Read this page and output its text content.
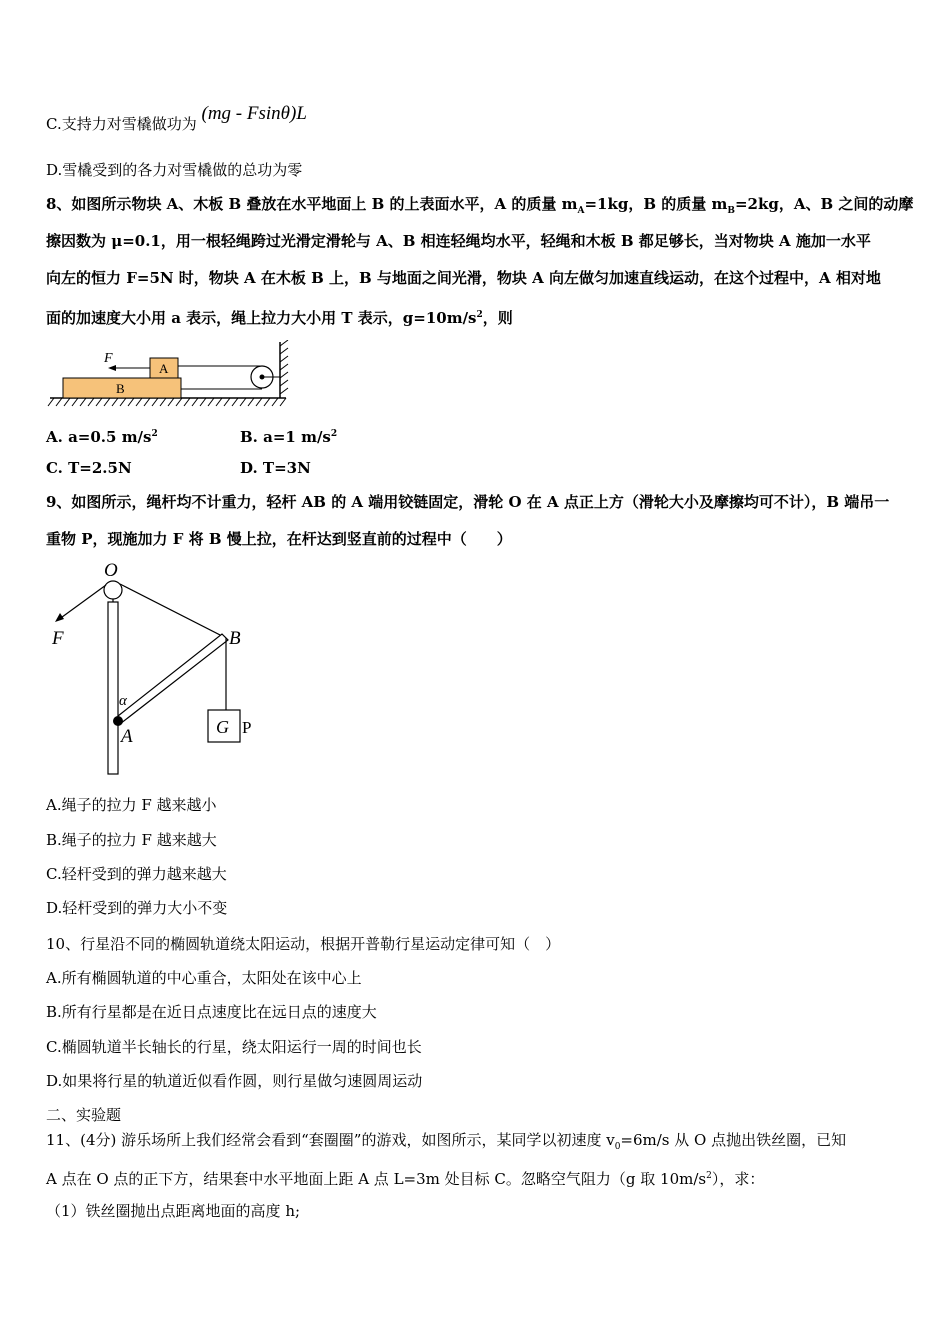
C.支持力对雪橇做功为 (mg - Fsinθ)L
D.雪橇受到的各力对雪橇做的总功为零
8、如图所示物块 A、木板 B 叠放在水平地面上 B 的上表面水平，A 的质量 $m_A=1kg$，B 的质量 $m_B=2kg$，A、B 之间的动摩
擦因数为 μ=0.1，用一根轻绳跨过光滑定滑轮与 A、B 相连轻绳均水平，轻绳和木板 B 都足够长，当对物块 A 施加一水平
向左的恒力 F=5N 时，物块 A 在木板 B 上，B 与地面之间光滑，物块 A 向左做匀加速直线运动，在这个过程中，A 相对地
面的加速度大小用 a 表示，绳上拉力大小用 T 表示，$g=10m/s^2$，则
B
A
F
A. a=0.5 $m/s^2$	B. a=1 $m/s^2$
C. T=2.5N	D. T=3N
9、如图所示，绳杆均不计重力，轻杆 AB 的 A 端用铰链固定，滑轮 O 在 A 点正上方（滑轮大小及摩擦均可不计），B 端吊一
重物 P，现施加力 F 将 B 慢上拉，在杆达到竖直前的过程中（　　）
O
F
α
A
B
G P
A.绳子的拉力 F 越来越小
B.绳子的拉力 F 越来越大
C.轻杆受到的弹力越来越大
D.轻杆受到的弹力大小不变
10、行星沿不同的椭圆轨道绕太阳运动，根据开普勒行星运动定律可知（　）
A.所有椭圆轨道的中心重合，太阳处在该中心上
B.所有行星都是在近日点速度比在远日点的速度大
C.椭圆轨道半长轴长的行星，绕太阳运行一周的时间也长
D.如果将行星的轨道近似看作圆，则行星做匀速圆周运动
二、实验题
11、(4分) 游乐场所上我们经常会看到“套圈圈”的游戏，如图所示，某同学以初速度 $v_0=6m/s$ 从 O 点抛出铁丝圈，已知
A 点在 O 点的正下方，结果套中水平地面上距 A 点 L=3m 处目标 C。忽略空气阻力（g 取 $10m/s^2$），求：
（1）铁丝圈抛出点距离地面的高度 h;
